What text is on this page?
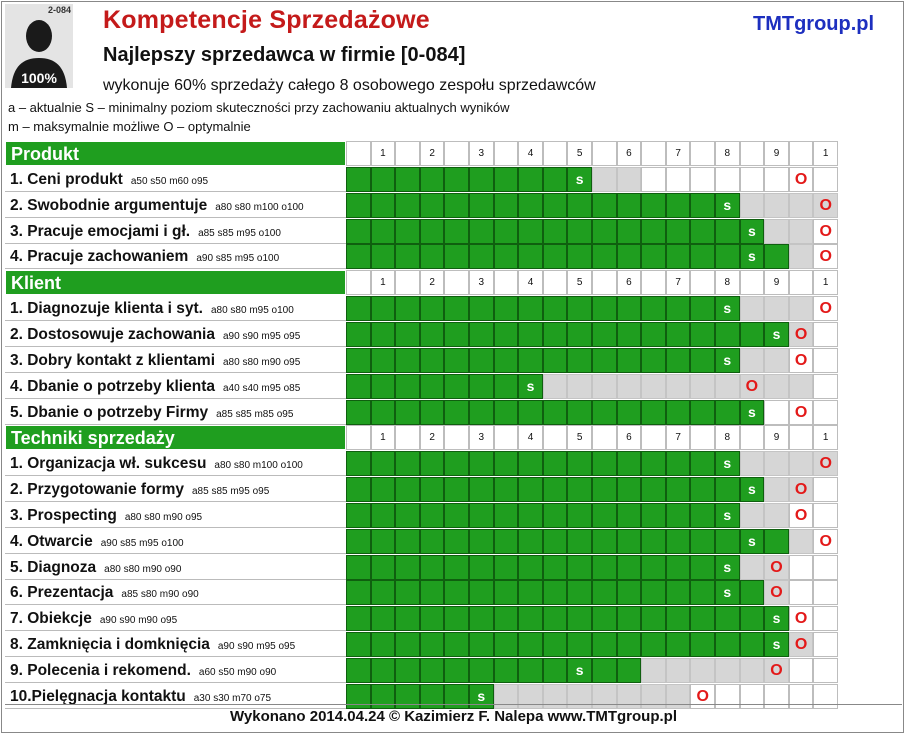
2-084
100%
Kompetencje Sprzedażowe	TMTgroup.pl
Najlepszy sprzedawca w firmie [0-084]
wykonuje 60% sprzedaży całego 8 osobowego zespołu sprzedawców
a – aktualnie S – minimalny poziom skuteczności przy zachowaniu aktualnych wyników
m – maksymalnie możliwe O – optymalnie
Produkt	1	2	3	4	5	6	7	8	9	1
1. Ceni produkt a50 s50 m60 o95	s	O
2. Swobodnie argumentuje a80 s80 m100 o100	s	O
3. Pracuje emocjami i gł. a85 s85 m95 o100	s	O
4. Pracuje zachowaniem a90 s85 m95 o100	s	O
Klient	1	2	3	4	5	6	7	8	9	1
1. Diagnozuje klienta i syt. a80 s80 m95 o100	s	O
2. Dostosowuje zachowania a90 s90 m95 o95	s O
3. Dobry kontakt z klientami a80 s80 m90 o95	s	O
4. Dbanie o potrzeby klienta a40 s40 m95 o85	s	O
5. Dbanie o potrzeby Firmy a85 s85 m85 o95	s	O
Techniki sprzedaży	1	2	3	4	5	6	7	8	9	1
1. Organizacja wł. sukcesu a80 s80 m100 o100	s	O
2. Przygotowanie formy a85 s85 m95 o95	s	O
3. Prospecting a80 s80 m90 o95	s	O
4. Otwarcie a90 s85 m95 o100	s	O
5. Diagnoza a80 s80 m90 o90	s	O
6. Prezentacja a85 s80 m90 o90	s	O
7. Obiekcje a90 s90 m90 o95	s O
8. Zamknięcia i domknięcia a90 s90 m95 o95	s O
9. Polecenia i rekomend. a60 s50 m90 o90	s	O
10.Pielęgnacja kontaktu a30 s30 m70 o75	s	O
Wykonano 2014.04.24 © Kazimierz F. Nalepa www.TMTgroup.pl
